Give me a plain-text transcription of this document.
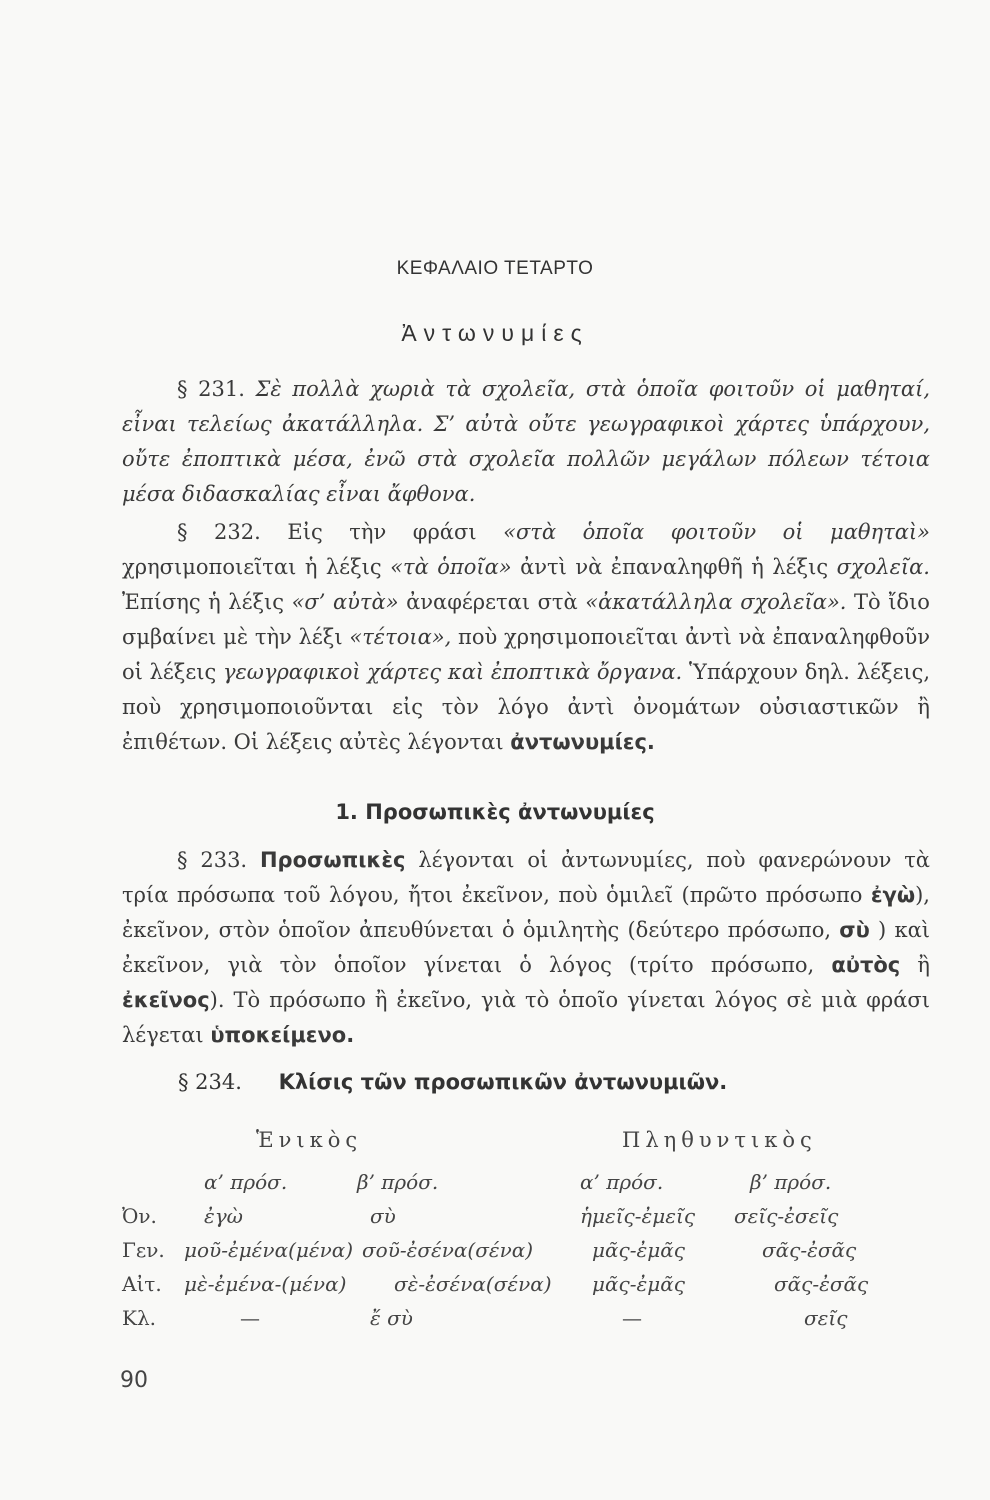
ΚΕΦΑΛΑΙΟ ΤΕΤΑΡΤΟ
Ἀντωνυμίες
§ 231. Σὲ πολλὰ χωριὰ τὰ σχολεῖα, στὰ ὁποῖα φοιτοῦν οἱ μαθηταί, εἶναι τελείως ἀκατάλληλα. Σ’ αὐτὰ οὔτε γεωγραφικοὶ χάρτες ὑπάρχουν, οὔτε ἐποπτικὰ μέσα, ἐνῶ στὰ σχολεῖα πολλῶν μεγάλων πόλεων τέτοια μέσα διδασκαλίας εἶναι ἄφθονα.
§ 232. Εἰς τὴν φράσι «στὰ ὁποῖα φοιτοῦν οἱ μαθηταὶ» χρησιμοποιεῖται ἡ λέξις «τὰ ὁποῖα» ἀντὶ νὰ ἐπαναληφθῆ ἡ λέξις σχολεῖα. Ἐπίσης ἡ λέξις «σ’ αὐτὰ» ἀναφέρεται στὰ «ἀκατάλληλα σχολεῖα». Τὸ ἴδιο σμβαίνει μὲ τὴν λέξι «τέτοια», ποὺ χρησιμοποιεῖται ἀντὶ νὰ ἐπαναληφθοῦν οἱ λέξεις γεωγραφικοὶ χάρτες καὶ ἐποπτικὰ ὄργανα. Ὑπάρχουν δηλ. λέξεις, ποὺ χρησιμοποιοῦνται εἰς τὸν λόγο ἀντὶ ὀνομάτων οὐσιαστικῶν ἢ ἐπιθέτων. Οἱ λέξεις αὐτὲς λέγονται ἀντωνυμίες.
1. Προσωπικὲς ἀντωνυμίες
§ 233. Προσωπικὲς λέγονται οἱ ἀντωνυμίες, ποὺ φανερώνουν τὰ τρία πρόσωπα τοῦ λόγου, ἤτοι ἐκεῖνον, ποὺ ὁμιλεῖ (πρῶτο πρόσωπο ἐγὼ), ἐκεῖνον, στὸν ὁποῖον ἀπευθύνεται ὁ ὁμιλητὴς (δεύτερο πρόσωπο, σὺ ) καὶ ἐκεῖνον, γιὰ τὸν ὁποῖον γίνεται ὁ λόγος (τρίτο πρόσωπο, αὐτὸς ἢ ἐκεῖνος). Τὸ πρόσωπο ἢ ἐκεῖνο, γιὰ τὸ ὁποῖο γίνεται λόγος σὲ μιὰ φράσι λέγεται ὑποκείμενο.
§ 234. Κλίσις τῶν προσωπικῶν ἀντωνυμιῶν.
Ἑνικὸς	Πληθυντικὸς
α’ πρόσ.	β’ πρόσ.	α’ πρόσ.	β’ πρόσ.
Ὀν. ἐγὼ	σὺ	ἡμεῖς-ἐμεῖς σεῖς-ἐσεῖς
Γεν. μοῦ-ἐμένα(μένα) σοῦ-ἐσένα(σένα)	μᾶς-ἐμᾶς	σᾶς-ἐσᾶς
Αἰτ. μὲ-ἐμένα-(μένα) σὲ-ἐσένα(σένα) μᾶς-ἐμᾶς	σᾶς-ἐσᾶς
Κλ.	—	ἔ σὺ	—	σεῖς
90
